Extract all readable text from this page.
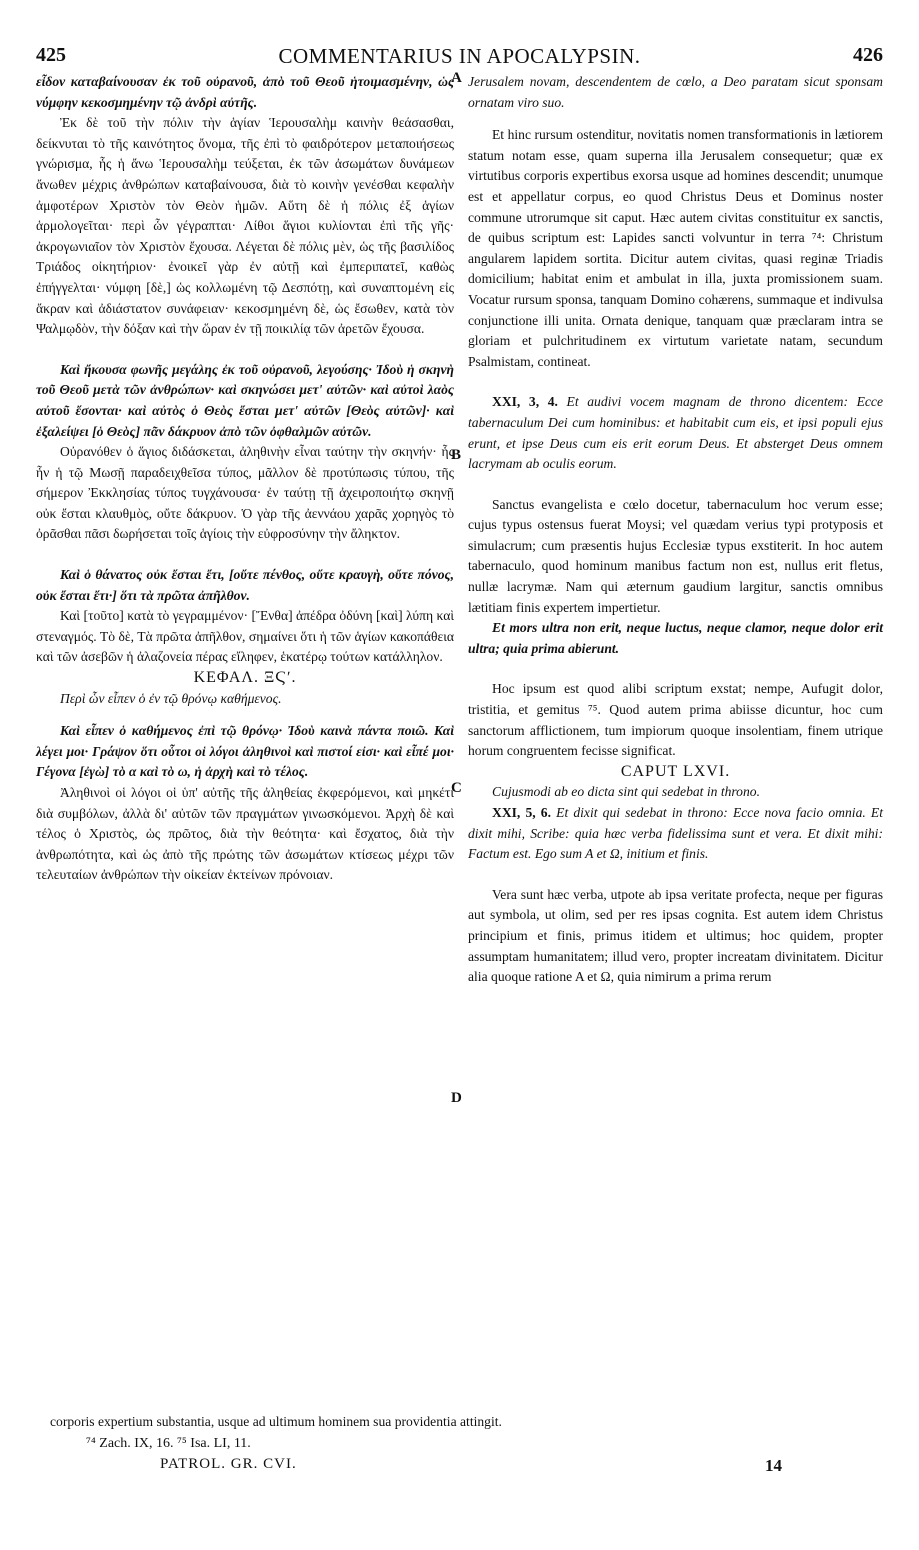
425	COMMENTARIUS IN APOCALYPSIN.	426
A
B
C
D

εἶδον καταβαίνουσαν ἐκ τοῦ οὐρανοῦ, ἀπὸ τοῦ Θεοῦ ἡτοιμασμένην, ὡς νύμφην κεκοσμημένην τῷ ἀνδρὶ αὐτῆς.

Ἐκ δὲ τοῦ τὴν πόλιν τὴν ἁγίαν Ἱερουσαλὴμ καινὴν θεάσασθαι, δείκνυται τὸ τῆς καινότητος ὄνομα, τῆς ἐπὶ τὸ φαιδρότερον μεταποιήσεως γνώρισμα, ἧς ἡ ἄνω Ἱερουσαλὴμ τεύξεται, ἐκ τῶν ἀσωμάτων δυνάμεων ἄνωθεν μέχρις ἀνθρώπων καταβαίνουσα, διὰ τὸ κοινὴν γενέσθαι κεφαλὴν ἀμφοτέρων Χριστὸν τὸν Θεὸν ἡμῶν. Αὕτη δὲ ἡ πόλις ἐξ ἁγίων ἁρμολογεῖται· περὶ ὧν γέγραπται· Λίθοι ἅγιοι κυλίονται ἐπὶ τῆς γῆς· ἀκρογωνιαῖον τὸν Χριστὸν ἔχουσα. Λέγεται δὲ πόλις μὲν, ὡς τῆς βασιλίδος Τριάδος οἰκητήριον· ἐνοικεῖ γὰρ ἐν αὐτῇ καὶ ἐμπεριπατεῖ, καθὼς ἐπήγγελται· νύμφη [δὲ,] ὡς κολλωμένη τῷ Δεσπότῃ, καὶ συναπτομένη εἰς ἄκραν καὶ ἀδιάστατον συνάφειαν· κεκοσμημένη δὲ, ὡς ἔσωθεν, κατὰ τὸν Ψαλμῳδὸν, τὴν δόξαν καὶ τὴν ὥραν ἐν τῇ ποικιλίᾳ τῶν ἀρετῶν ἔχουσα.

Καὶ ἤκουσα φωνῆς μεγάλης ἐκ τοῦ οὐρανοῦ, λεγούσης· Ἰδοὺ ἡ σκηνὴ τοῦ Θεοῦ μετὰ τῶν ἀνθρώπων· καὶ σκηνώσει μετ' αὐτῶν· καὶ αὐτοὶ λαὸς αὐτοῦ ἔσονται· καὶ αὐτὸς ὁ Θεὸς ἔσται μετ' αὐτῶν [Θεὸς αὐτῶν]· καὶ ἐξαλείψει [ὁ Θεὸς] πᾶν δάκρυον ἀπὸ τῶν ὀφθαλμῶν αὐτῶν.

Οὐρανόθεν ὁ ἅγιος διδάσκεται, ἀληθινὴν εἶναι ταύτην τὴν σκηνήν· ἧς ἦν ἡ τῷ Μωσῇ παραδειχθεῖσα τύπος, μᾶλλον δὲ προτύπωσις τύπου, τῆς σήμερον Ἐκκλησίας τύπος τυγχάνουσα· ἐν ταύτῃ τῇ ἀχειροποιήτῳ σκηνῇ οὐκ ἔσται κλαυθμὸς, οὔτε δάκρυον. Ὁ γὰρ τῆς ἀεννάου χαρᾶς χορηγὸς τὸ ὀρᾶσθαι πᾶσι δωρήσεται τοῖς ἁγίοις τὴν εὐφροσύνην τὴν ἄληκτον.

Καὶ ὁ θάνατος οὐκ ἔσται ἔτι, [οὔτε πένθος, οὔτε κραυγὴ, οὔτε πόνος, οὐκ ἔσται ἔτι·] ὅτι τὰ πρῶτα ἀπῆλθον.

Καὶ [τοῦτο] κατὰ τὸ γεγραμμένον· [Ἔνθα] ἀπέδρα ὀδύνη [καὶ] λύπη καὶ στεναγμός. Τὸ δὲ, Τὰ πρῶτα ἀπῆλθον, σημαίνει ὅτι ἡ τῶν ἁγίων κακοπάθεια καὶ τῶν ἀσεβῶν ἡ ἀλαζονεία πέρας εἴληφεν, ἑκατέρῳ τούτων κατάλληλον.

ΚΕΦΑΛ. ΞϚʹ.

Περὶ ὧν εἶπεν ὁ ἐν τῷ θρόνῳ καθήμενος.

Καὶ εἶπεν ὁ καθήμενος ἐπὶ τῷ θρόνῳ· Ἰδοὺ καινὰ πάντα ποιῶ. Καὶ λέγει μοι· Γράψον ὅτι οὗτοι οἱ λόγοι ἀληθινοὶ καὶ πιστοί εἰσι· καὶ εἶπέ μοι· Γέγονα [ἐγὼ] τὸ α καὶ τὸ ω, ἡ ἀρχὴ καὶ τὸ τέλος.

Ἀληθινοὶ οἱ λόγοι οἱ ὑπ' αὐτῆς τῆς ἀληθείας ἐκφερόμενοι, καὶ μηκέτι διὰ συμβόλων, ἀλλὰ δι' αὐτῶν τῶν πραγμάτων γινωσκόμενοι. Ἀρχὴ δὲ καὶ τέλος ὁ Χριστὸς, ὡς πρῶτος, διὰ τὴν θεότητα· καὶ ἔσχατος, διὰ τὴν ἀνθρωπότητα, καὶ ὡς ἀπὸ τῆς πρώτης τῶν ἀσωμάτων κτίσεως μέχρι τῶν τελευταίων ἀνθρώπων τὴν οἰκείαν ἐκτείνων πρόνοιαν.

Jerusalem novam, descendentem de cœlo, a Deo paratam sicut sponsam ornatam viro suo.

Et hinc rursum ostenditur, novitatis nomen transformationis in lætiorem statum notam esse, quam superna illa Jerusalem consequetur; quæ ex virtutibus corporis expertibus exorsa usque ad homines descendit; unumque est et appellatur corpus, eo quod Christus Deus et Dominus noster commune utrorumque sit caput. Hæc autem civitas constituitur ex sanctis, de quibus scriptum est: Lapides sancti volvuntur in terra ⁷⁴: Christum angularem lapidem sortita. Dicitur autem civitas, quasi reginæ Triadis domicilium; habitat enim et ambulat in illa, juxta promissionem suam. Vocatur rursum sponsa, tanquam Domino cohærens, summaque et indivulsa conjunctione illi unita. Ornata denique, tanquam quæ præclaram intra se gloriam et pulchritudinem ex virtutum varietate natam, secundum Psalmistam, contineat.

XXI, 3, 4. Et audivi vocem magnam de throno dicentem: Ecce tabernaculum Dei cum hominibus: et habitabit cum eis, et ipsi populi ejus erunt, et ipse Deus cum eis erit eorum Deus. Et absterget Deus omnem lacrymam ab oculis eorum.

Sanctus evangelista e cœlo docetur, tabernaculum hoc verum esse; cujus typus ostensus fuerat Moysi; vel quædam verius typi protyposis et simulacrum; cum præsentis hujus Ecclesiæ typus exstiterit. In hoc autem tabernaculo, quod hominum manibus factum non est, nullus erit fletus, nullæ lacrymæ. Nam qui æternum gaudium largitur, sanctis omnibus lætitiam finis expertem impertietur.

Et mors ultra non erit, neque luctus, neque clamor, neque dolor erit ultra; quia prima abierunt.

Hoc ipsum est quod alibi scriptum exstat; nempe, Aufugit dolor, tristitia, et gemitus ⁷⁵. Quod autem prima abiisse dicuntur, hoc cum sanctorum afflictionem, tum impiorum quoque insolentiam, finem utrique horum congruentem fecisse significat.

CAPUT LXVI.

Cujusmodi ab eo dicta sint qui sedebat in throno.

XXI, 5, 6. Et dixit qui sedebat in throno: Ecce nova facio omnia. Et dixit mihi, Scribe: quia hæc verba fidelissima sunt et vera. Et dixit mihi: Factum est. Ego sum A et Ω, initium et finis.

Vera sunt hæc verba, utpote ab ipsa veritate profecta, neque per figuras aut symbola, ut olim, sed per res ipsas cognita. Est autem idem Christus principium et finis, primus itidem et ultimus; hoc quidem, propter assumptam humanitatem; illud vero, propter increatam divinitatem. Dicitur alia quoque ratione A et Ω, quia nimirum a prima rerum

corporis expertium substantia, usque ad ultimum hominem sua providentia attingit.

⁷⁴ Zach. IX, 16. ⁷⁵ Isa. LI, 11.
PATROL. GR. CVI.	14
